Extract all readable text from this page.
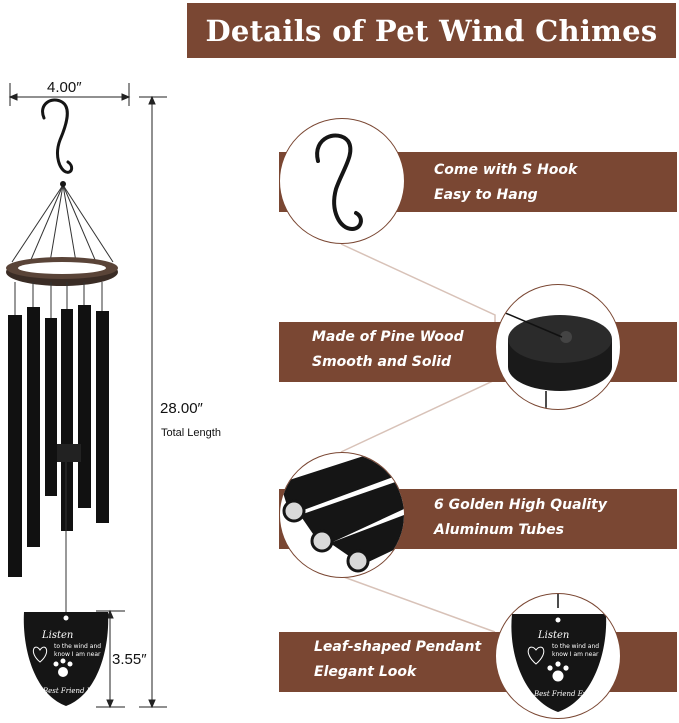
Details of Pet Wind Chimes
Listen
to the wind and
know I am near
Best Friend Ever
4.00″
28.00″
Total Length
3.55″
Come with S Hook
Easy to Hang
Made of Pine Wood
Smooth and Solid
6 Golden High Quality
Aluminum Tubes
Leaf-shaped Pendant
Elegant Look
Listen
to the wind and
know I am near
Best Friend Ever
